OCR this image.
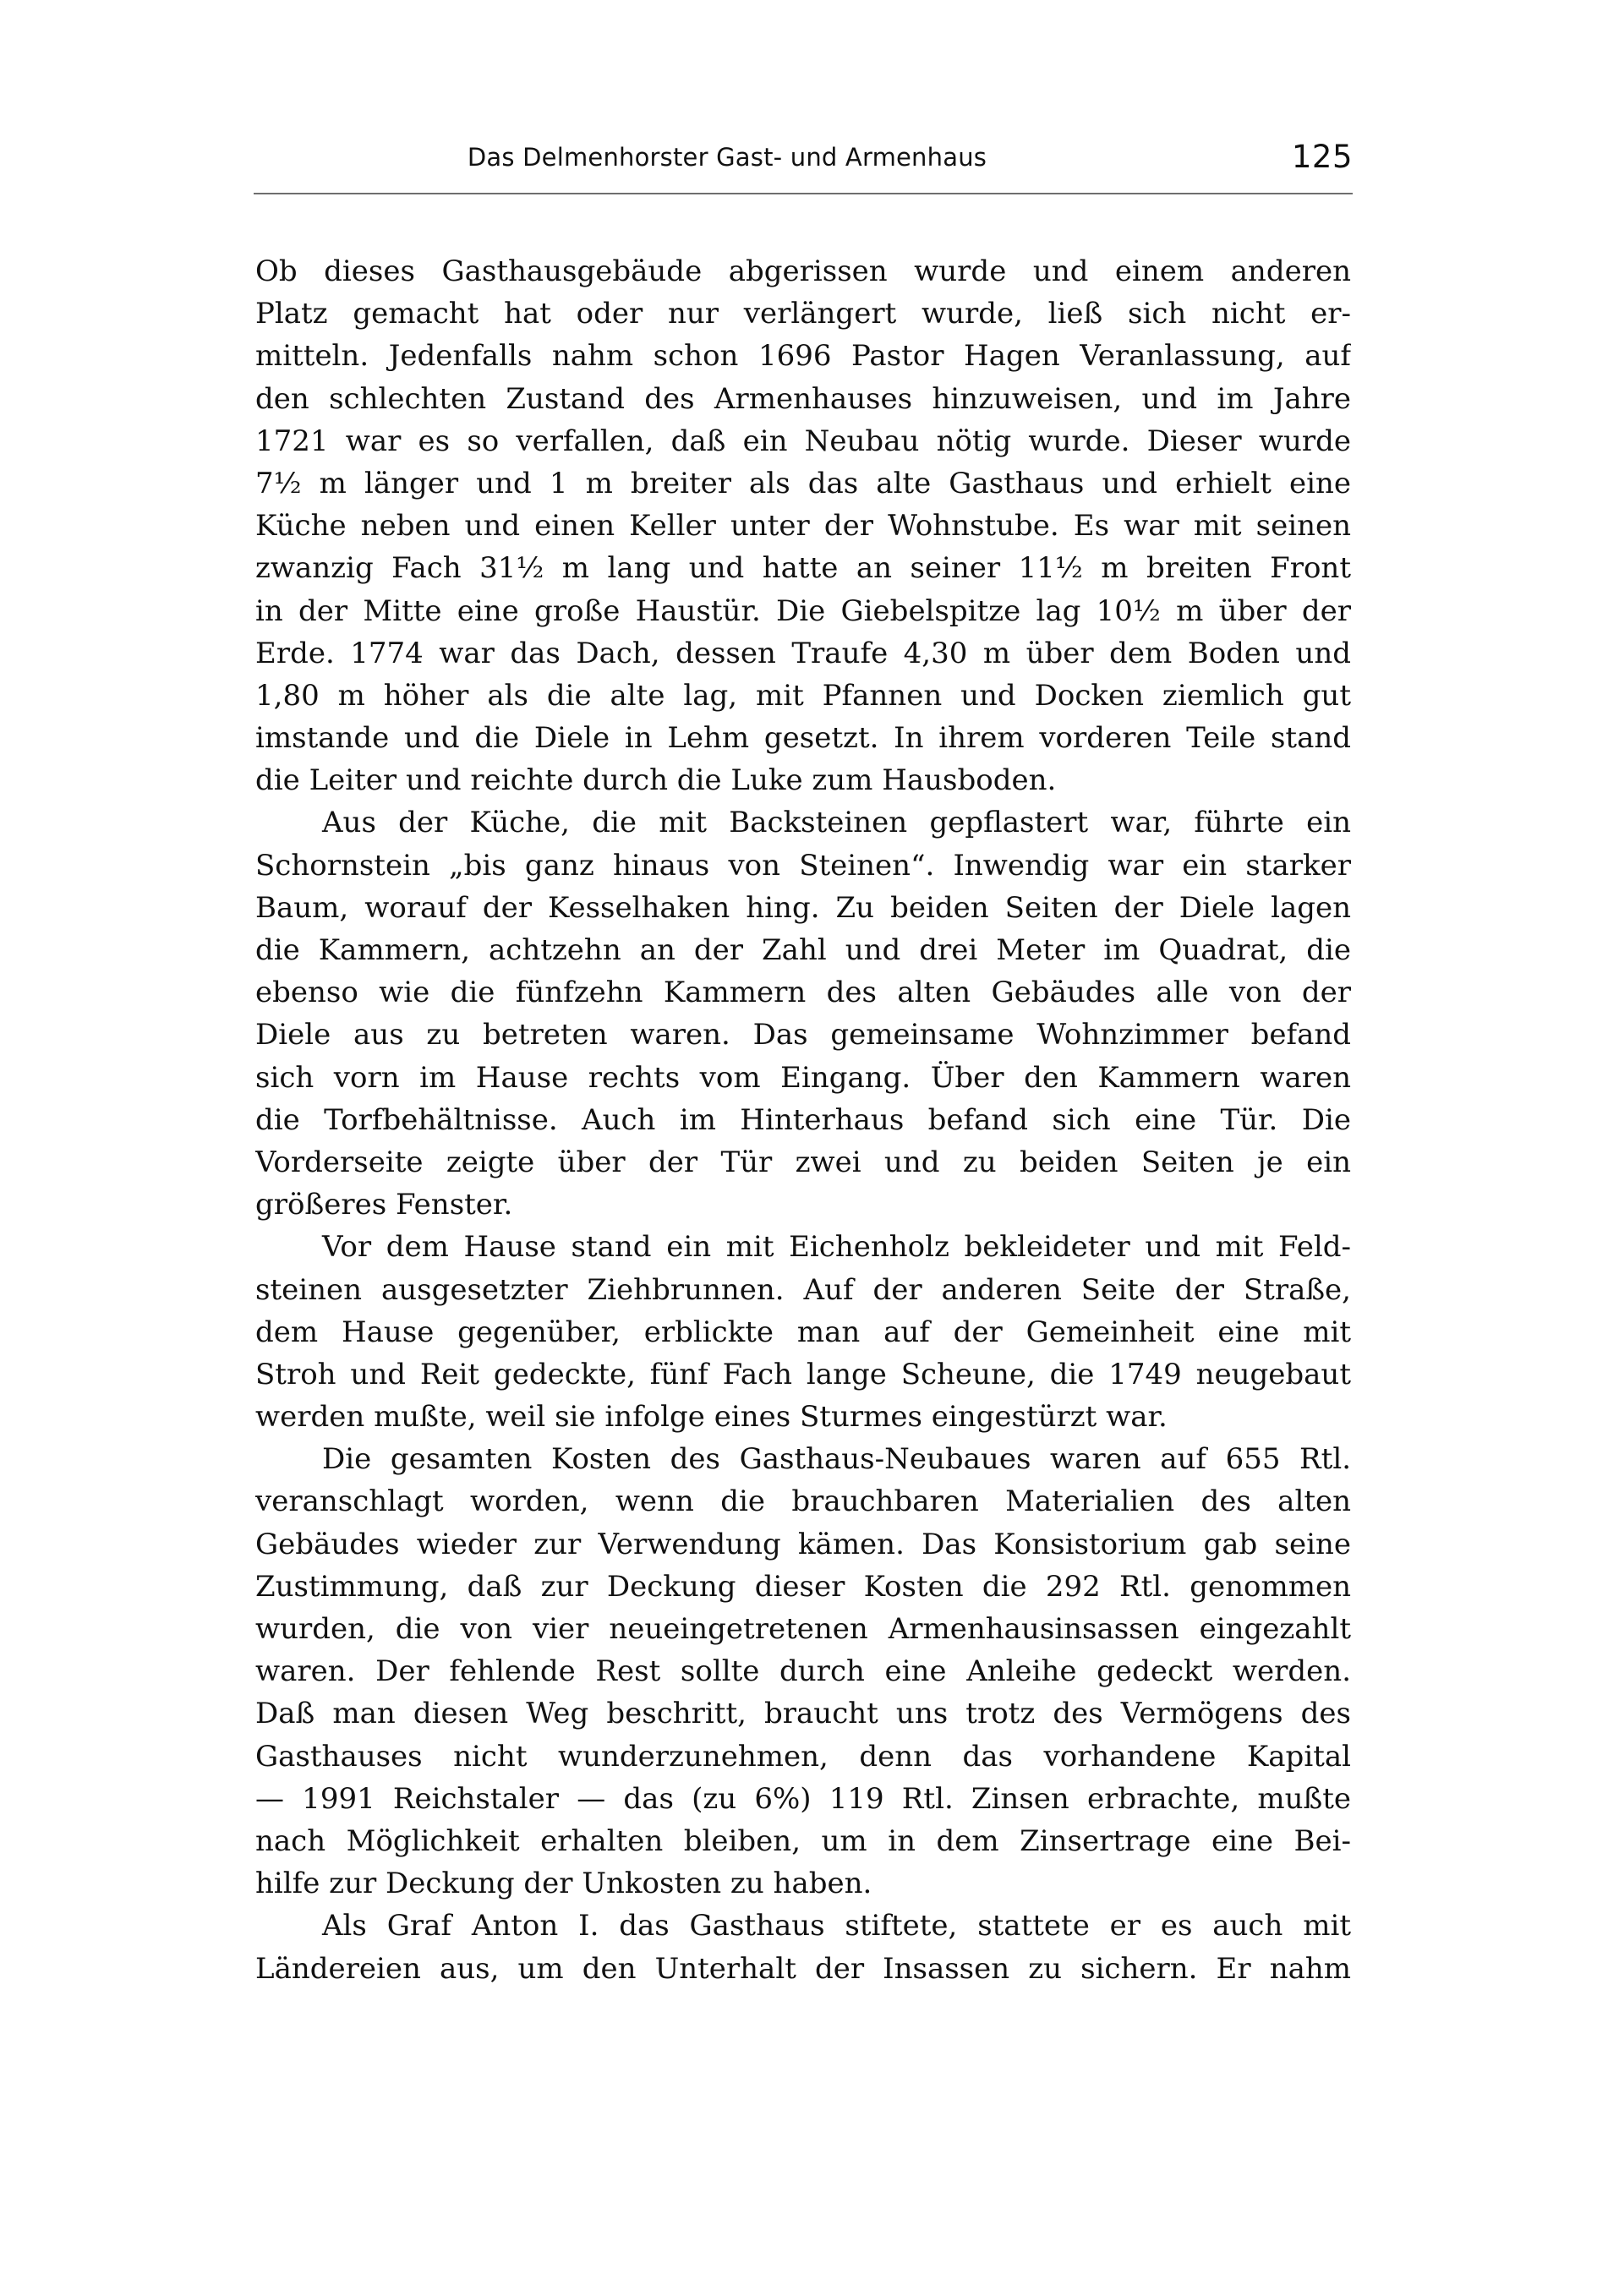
Das Delmenhorster Gast- und Armenhaus	125
Ob dieses Gasthausgebäude abgerissen wurde und einem anderen
Platz gemacht hat oder nur verlängert wurde, ließ sich nicht er-
mitteln. Jedenfalls nahm schon 1696 Pastor Hagen Veranlassung, auf
den schlechten Zustand des Armenhauses hinzuweisen, und im Jahre
1721 war es so verfallen, daß ein Neubau nötig wurde. Dieser wurde
7½ m länger und 1 m breiter als das alte Gasthaus und erhielt eine
Küche neben und einen Keller unter der Wohnstube. Es war mit seinen
zwanzig Fach 31½ m lang und hatte an seiner 11½ m breiten Front
in der Mitte eine große Haustür. Die Giebelspitze lag 10½ m über der
Erde. 1774 war das Dach, dessen Traufe 4,30 m über dem Boden und
1,80 m höher als die alte lag, mit Pfannen und Docken ziemlich gut
imstande und die Diele in Lehm gesetzt. In ihrem vorderen Teile stand
die Leiter und reichte durch die Luke zum Hausboden.
Aus der Küche, die mit Backsteinen gepflastert war, führte ein
Schornstein „bis ganz hinaus von Steinen“. Inwendig war ein starker
Baum, worauf der Kesselhaken hing. Zu beiden Seiten der Diele lagen
die Kammern, achtzehn an der Zahl und drei Meter im Quadrat, die
ebenso wie die fünfzehn Kammern des alten Gebäudes alle von der
Diele aus zu betreten waren. Das gemeinsame Wohnzimmer befand
sich vorn im Hause rechts vom Eingang. Über den Kammern waren
die Torfbehältnisse. Auch im Hinterhaus befand sich eine Tür. Die
Vorderseite zeigte über der Tür zwei und zu beiden Seiten je ein
größeres Fenster.
Vor dem Hause stand ein mit Eichenholz bekleideter und mit Feld-
steinen ausgesetzter Ziehbrunnen. Auf der anderen Seite der Straße,
dem Hause gegenüber, erblickte man auf der Gemeinheit eine mit
Stroh und Reit gedeckte, fünf Fach lange Scheune, die 1749 neugebaut
werden mußte, weil sie infolge eines Sturmes eingestürzt war.
Die gesamten Kosten des Gasthaus-Neubaues waren auf 655 Rtl.
veranschlagt worden, wenn die brauchbaren Materialien des alten
Gebäudes wieder zur Verwendung kämen. Das Konsistorium gab seine
Zustimmung, daß zur Deckung dieser Kosten die 292 Rtl. genommen
wurden, die von vier neueingetretenen Armenhausinsassen eingezahlt
waren. Der fehlende Rest sollte durch eine Anleihe gedeckt werden.
Daß man diesen Weg beschritt, braucht uns trotz des Vermögens des
Gasthauses nicht wunderzunehmen, denn das vorhandene Kapital
— 1991 Reichstaler — das (zu 6%) 119 Rtl. Zinsen erbrachte, mußte
nach Möglichkeit erhalten bleiben, um in dem Zinsertrage eine Bei-
hilfe zur Deckung der Unkosten zu haben.
Als Graf Anton I. das Gasthaus stiftete, stattete er es auch mit
Ländereien aus, um den Unterhalt der Insassen zu sichern. Er nahm
